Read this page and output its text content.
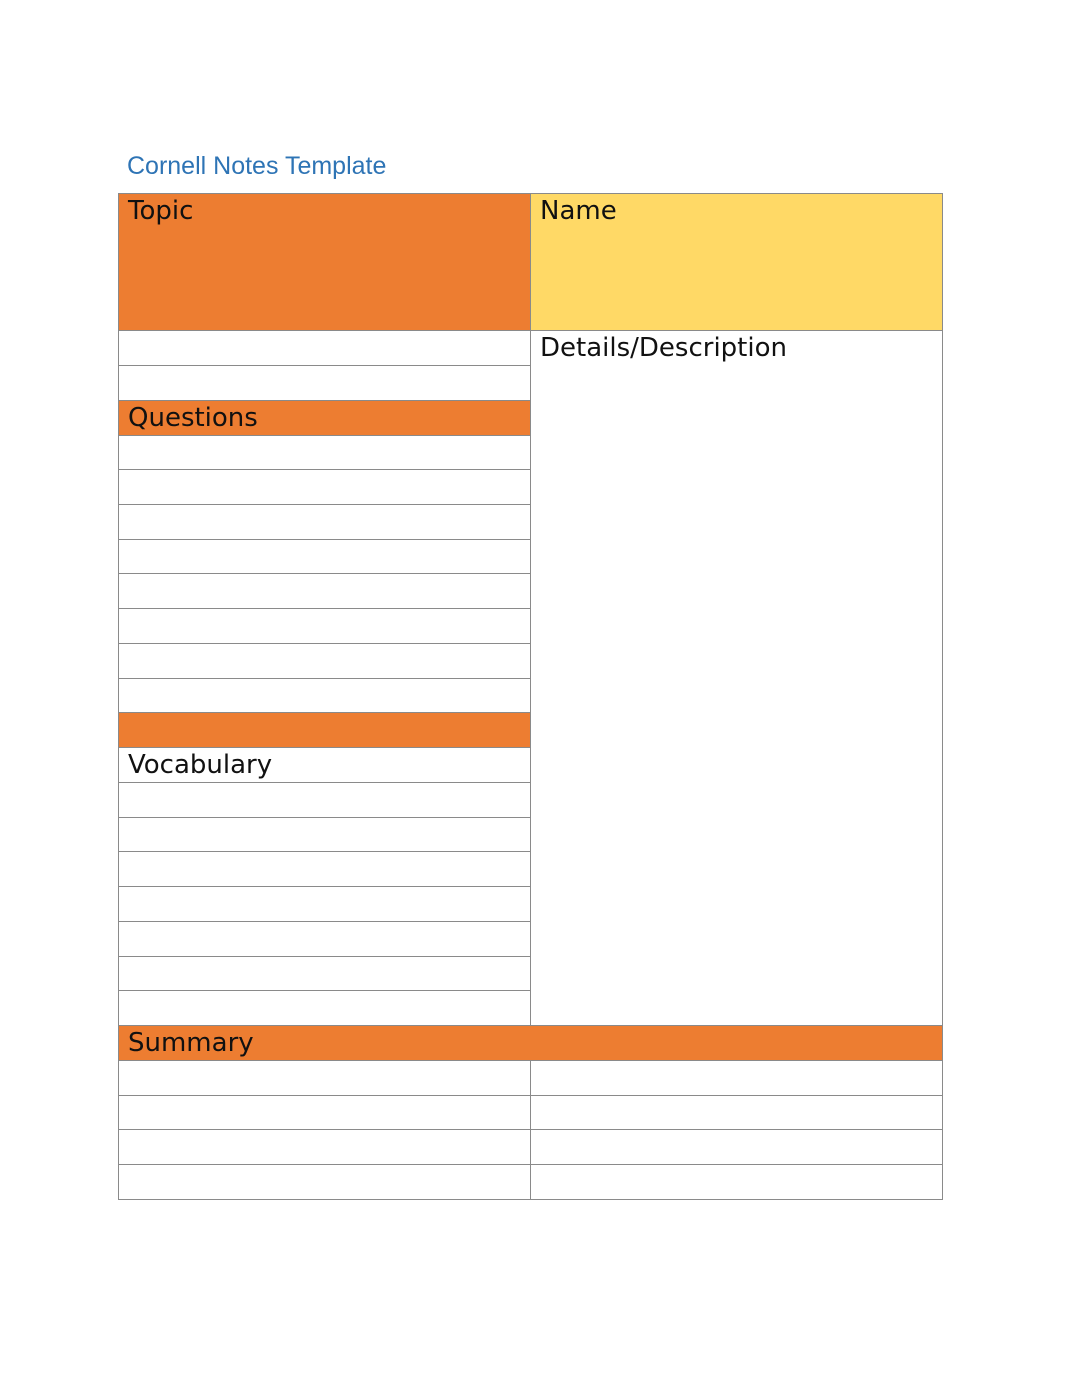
Cornell Notes Template
Topic	Name
Questions
Vocabulary
Details/Description
Summary
